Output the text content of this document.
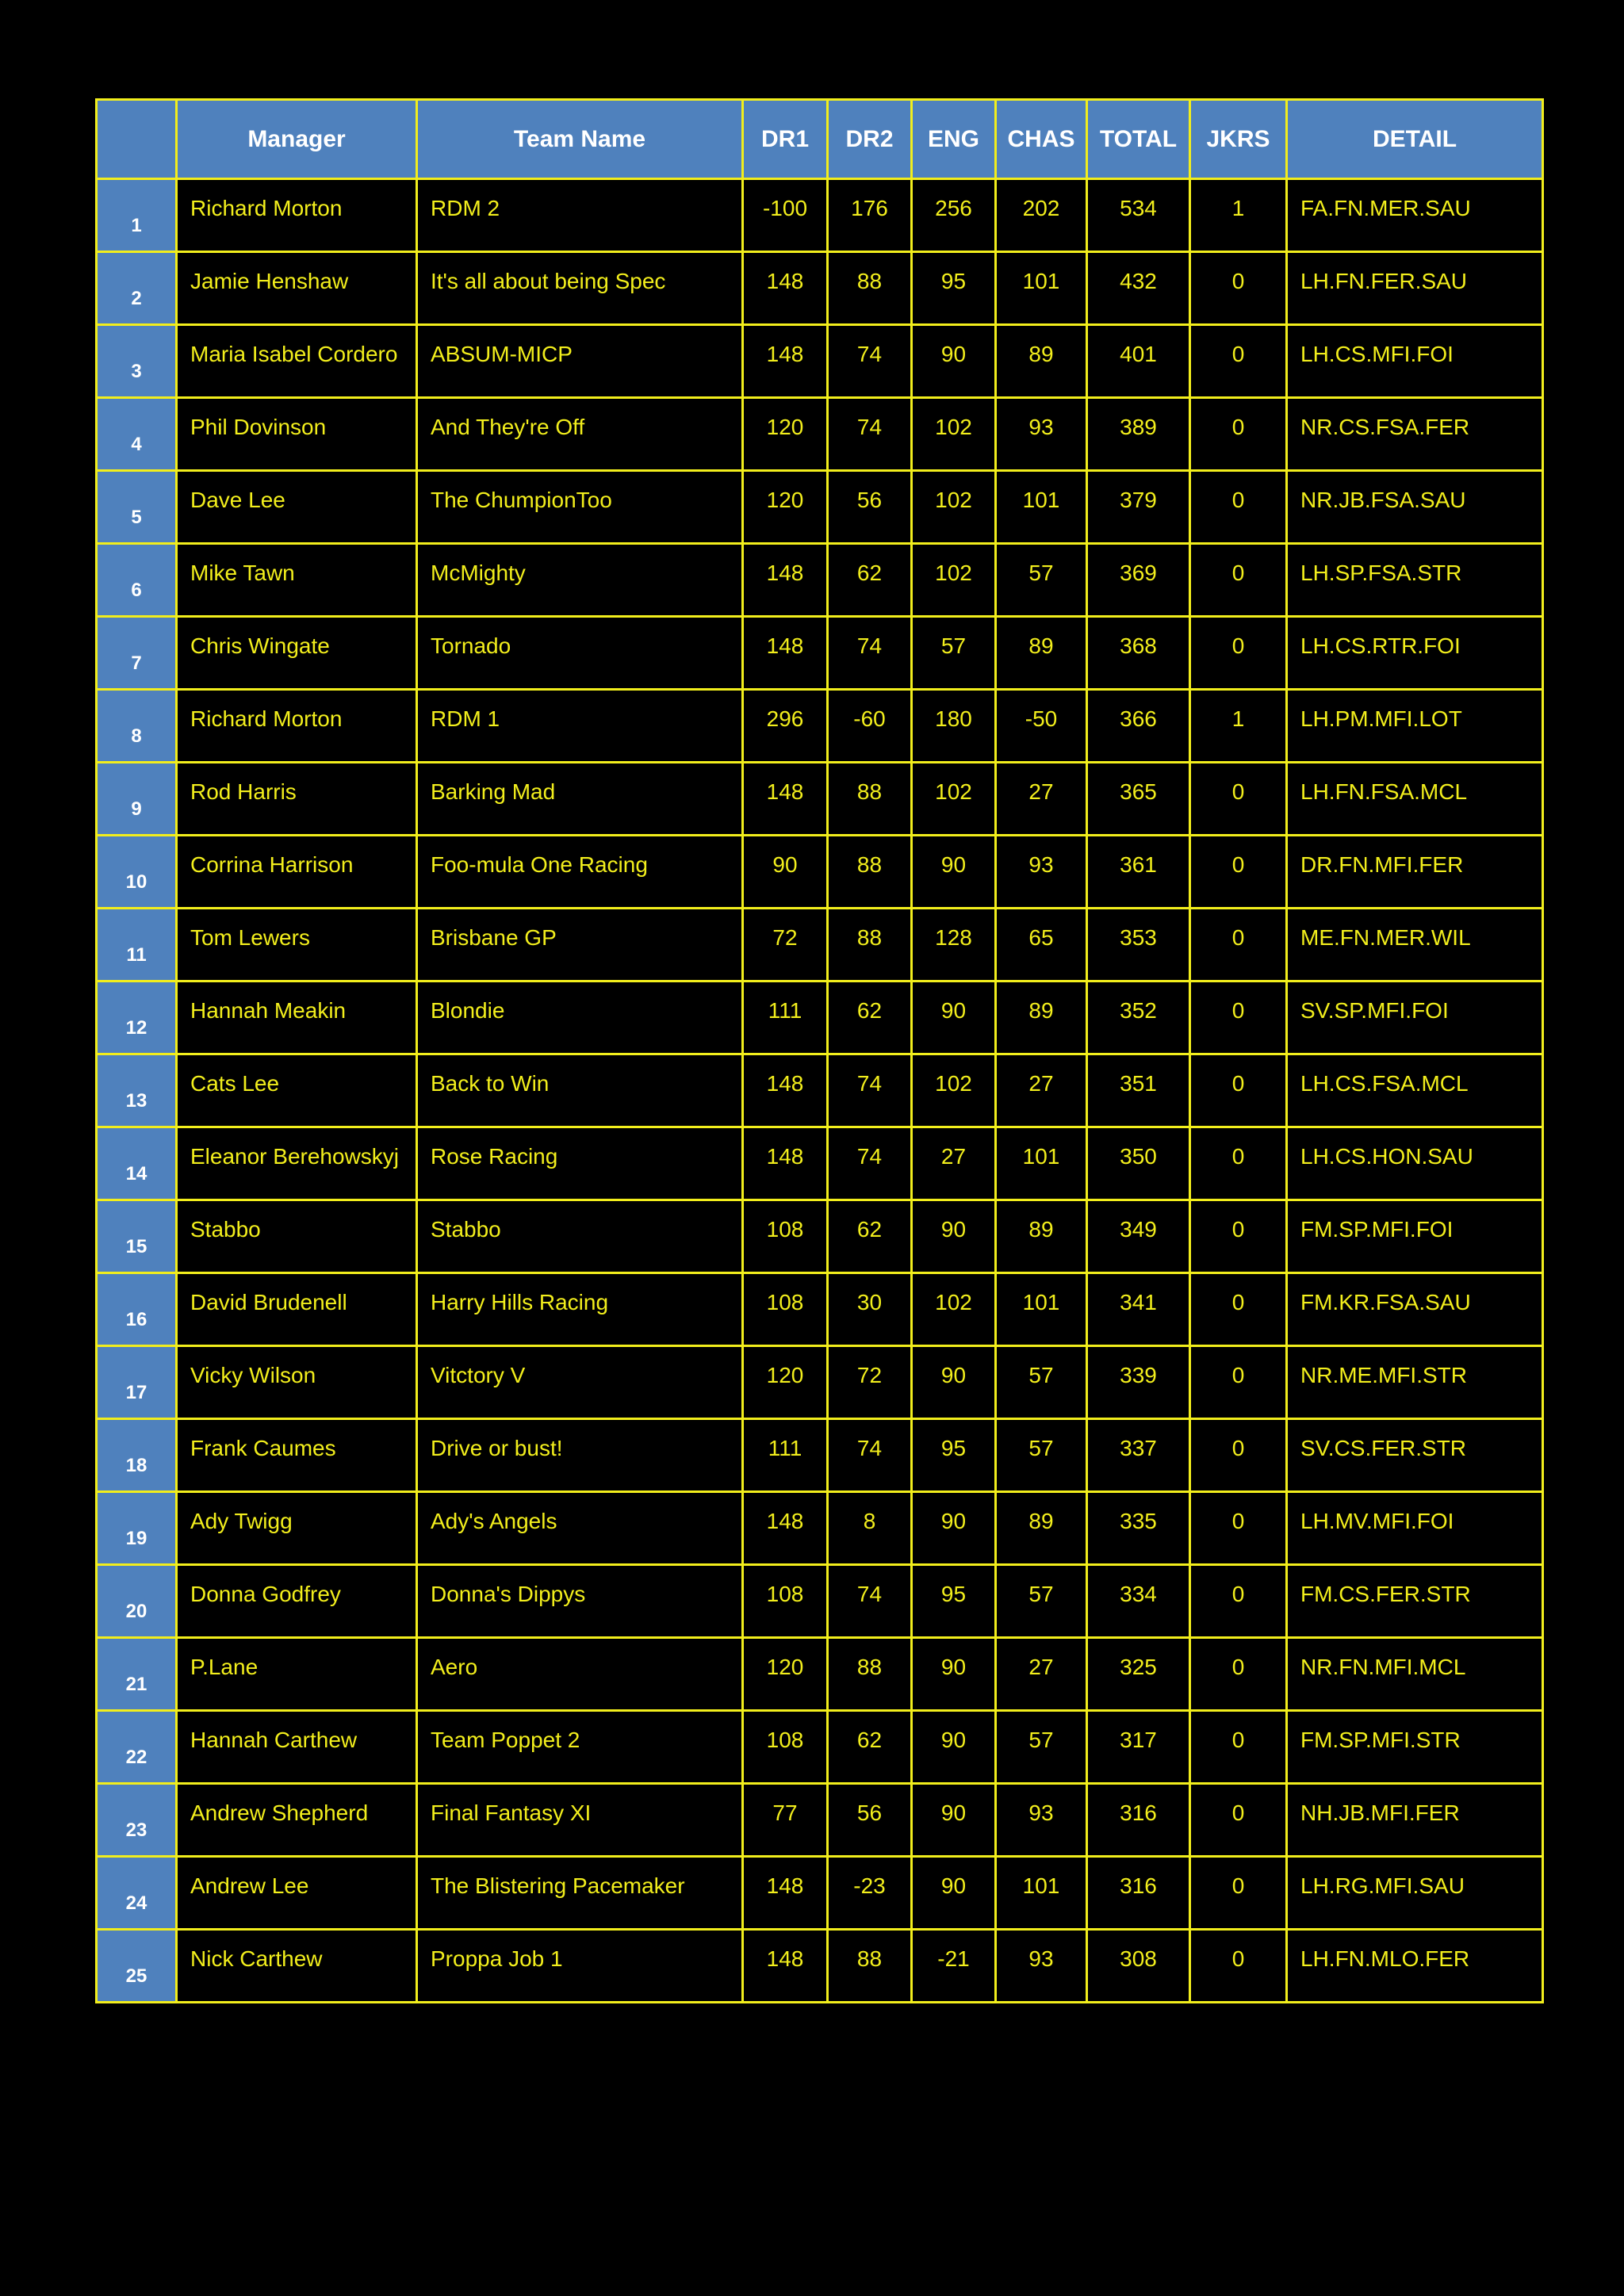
	Manager	Team Name	DR1	DR2	ENG	CHAS	TOTAL	JKRS	DETAIL
1	Richard Morton	RDM 2	-100	176	256	202	534	1	FA.FN.MER.SAU
2	Jamie Henshaw	It's all about being Spec	148	88	95	101	432	0	LH.FN.FER.SAU
3	Maria Isabel Cordero	ABSUM-MICP	148	74	90	89	401	0	LH.CS.MFI.FOI
4	Phil Dovinson	And They're Off	120	74	102	93	389	0	NR.CS.FSA.FER
5	Dave Lee	The ChumpionToo	120	56	102	101	379	0	NR.JB.FSA.SAU
6	Mike Tawn	McMighty	148	62	102	57	369	0	LH.SP.FSA.STR
7	Chris Wingate	Tornado	148	74	57	89	368	0	LH.CS.RTR.FOI
8	Richard Morton	RDM 1	296	-60	180	-50	366	1	LH.PM.MFI.LOT
9	Rod Harris	Barking Mad	148	88	102	27	365	0	LH.FN.FSA.MCL
10	Corrina Harrison	Foo-mula One Racing	90	88	90	93	361	0	DR.FN.MFI.FER
11	Tom Lewers	Brisbane GP	72	88	128	65	353	0	ME.FN.MER.WIL
12	Hannah Meakin	Blondie	111	62	90	89	352	0	SV.SP.MFI.FOI
13	Cats Lee	Back to Win	148	74	102	27	351	0	LH.CS.FSA.MCL
14	Eleanor Berehowskyj	Rose Racing	148	74	27	101	350	0	LH.CS.HON.SAU
15	Stabbo	Stabbo	108	62	90	89	349	0	FM.SP.MFI.FOI
16	David Brudenell	Harry Hills Racing	108	30	102	101	341	0	FM.KR.FSA.SAU
17	Vicky Wilson	Vitctory V	120	72	90	57	339	0	NR.ME.MFI.STR
18	Frank Caumes	Drive or bust!	111	74	95	57	337	0	SV.CS.FER.STR
19	Ady Twigg	Ady's Angels	148	8	90	89	335	0	LH.MV.MFI.FOI
20	Donna Godfrey	Donna's Dippys	108	74	95	57	334	0	FM.CS.FER.STR
21	P.Lane	Aero	120	88	90	27	325	0	NR.FN.MFI.MCL
22	Hannah Carthew	Team Poppet 2	108	62	90	57	317	0	FM.SP.MFI.STR
23	Andrew Shepherd	Final Fantasy XI	77	56	90	93	316	0	NH.JB.MFI.FER
24	Andrew Lee	The Blistering Pacemaker	148	-23	90	101	316	0	LH.RG.MFI.SAU
25	Nick Carthew	Proppa Job 1	148	88	-21	93	308	0	LH.FN.MLO.FER
